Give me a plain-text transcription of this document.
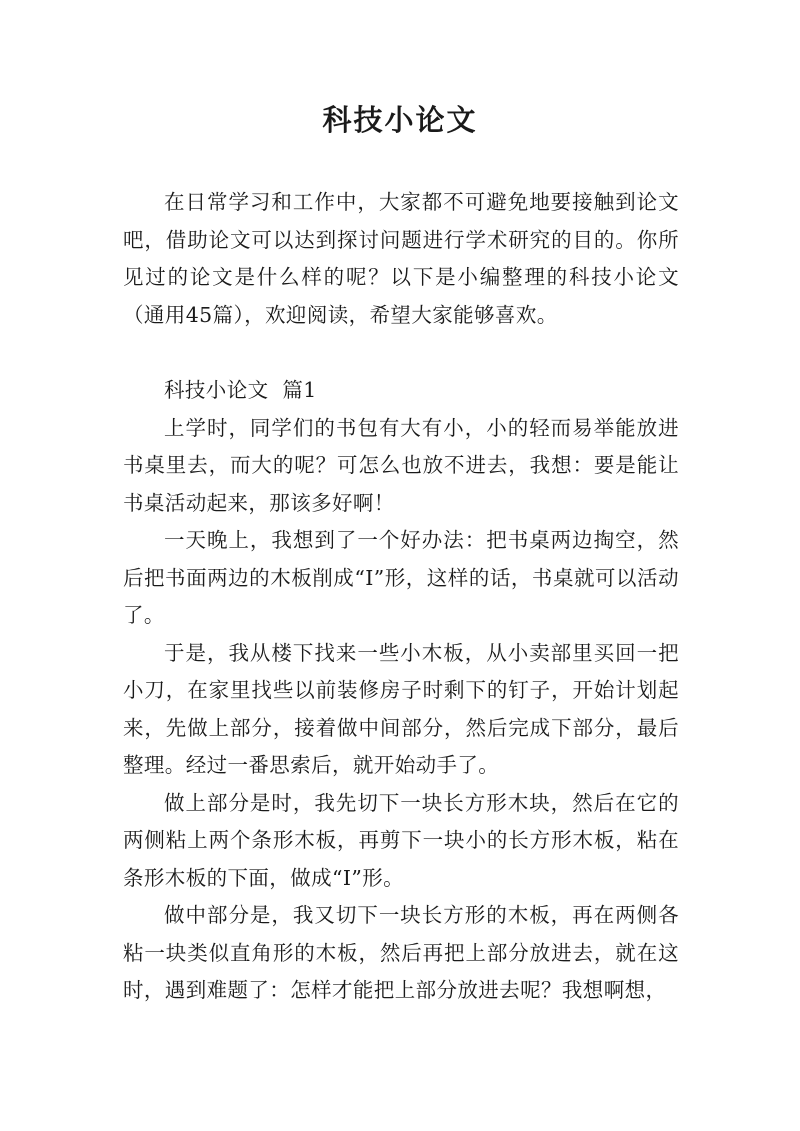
科技小论文

在日常学习和工作中，大家都不可避免地要接触到论文吧，借助论文可以达到探讨问题进行学术研究的目的。你所见过的论文是什么样的呢？以下是小编整理的科技小论文（通用45篇），欢迎阅读，希望大家能够喜欢。

科技小论文  篇1

上学时，同学们的书包有大有小，小的轻而易举能放进书桌里去，而大的呢？可怎么也放不进去，我想：要是能让书桌活动起来，那该多好啊！

一天晚上，我想到了一个好办法：把书桌两边掏空，然后把书面两边的木板削成“I”形，这样的话，书桌就可以活动了。

于是，我从楼下找来一些小木板，从小卖部里买回一把小刀，在家里找些以前装修房子时剩下的钉子，开始计划起来，先做上部分，接着做中间部分，然后完成下部分，最后整理。经过一番思索后，就开始动手了。

做上部分是时，我先切下一块长方形木块，然后在它的两侧粘上两个条形木板，再剪下一块小的长方形木板，粘在条形木板的下面，做成“I”形。

做中部分是，我又切下一块长方形的木板，再在两侧各粘一块类似直角形的木板，然后再把上部分放进去，就在这时，遇到难题了：怎样才能把上部分放进去呢？我想啊想，
